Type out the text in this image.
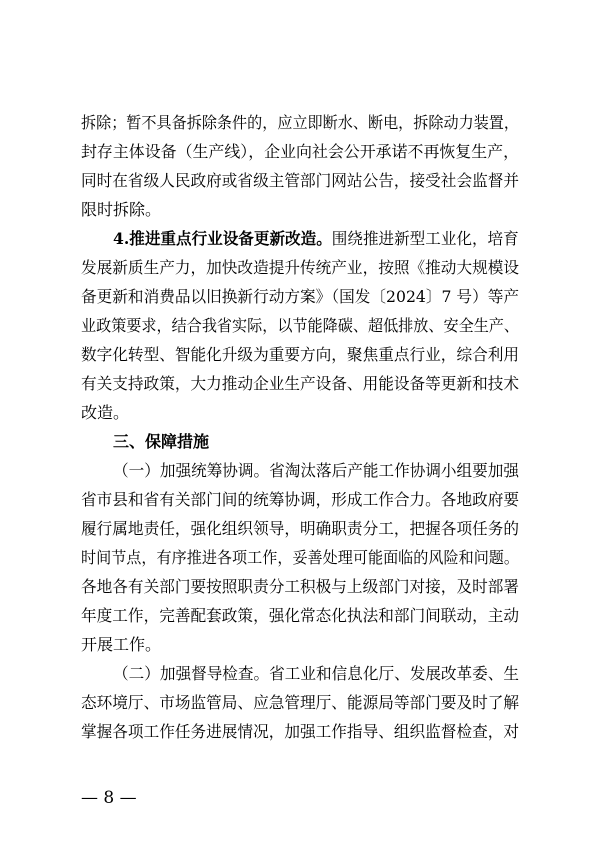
拆除；暂不具备拆除条件的，应立即断水、断电，拆除动力装置，
封存主体设备（生产线），企业向社会公开承诺不再恢复生产，
同时在省级人民政府或省级主管部门网站公告，接受社会监督并
限时拆除。
4.推进重点行业设备更新改造。围绕推进新型工业化，培育
发展新质生产力，加快改造提升传统产业，按照《推动大规模设
备更新和消费品以旧换新行动方案》（国发〔2024〕7 号）等产
业政策要求，结合我省实际，以节能降碳、超低排放、安全生产、
数字化转型、智能化升级为重要方向，聚焦重点行业，综合利用
有关支持政策，大力推动企业生产设备、用能设备等更新和技术
改造。
三、保障措施
（一）加强统筹协调。省淘汰落后产能工作协调小组要加强
省市县和省有关部门间的统筹协调，形成工作合力。各地政府要
履行属地责任，强化组织领导，明确职责分工，把握各项任务的
时间节点，有序推进各项工作，妥善处理可能面临的风险和问题。
各地各有关部门要按照职责分工积极与上级部门对接，及时部署
年度工作，完善配套政策，强化常态化执法和部门间联动，主动
开展工作。
（二）加强督导检查。省工业和信息化厅、发展改革委、生
态环境厅、市场监管局、应急管理厅、能源局等部门要及时了解
掌握各项工作任务进展情况，加强工作指导、组织监督检查，对
— 8 —
